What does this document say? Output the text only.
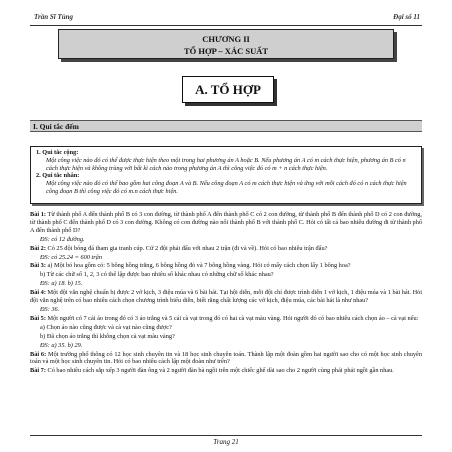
Trần Sĩ Tùng	Đại số 11
CHƯƠNG II
TỔ HỢP – XÁC SUẤT
A. TỔ HỢP
I. Qui tắc đếm
1. Qui tắc cộng:
Một công việc nào đó có thể được thực hiện theo một trong hai phương án A hoặc B. Nếu phương án A có m cách thực hiện, phương án B có n cách thực hiện và không trùng với bất kì cách nào trong phương án A thì công việc đó có m + n cách thực hiện.
2. Qui tắc nhân:
Một công việc nào đó có thể bao gồm hai công đoạn A và B. Nếu công đoạn A có m cách thực hiện và ứng với mỗi cách đó có n cách thực hiện công đoạn B thì công việc đó có m.n cách thực hiện.

Bài 1: Từ thành phố A đến thành phố B có 3 con đường, từ thành phố A đến thành phố C có 2 con đường, từ thành phố B đến thành phố D có 2 con đường, từ thành phố C đến thành phố D có 3 con đường. Không có con đường nào nối thành phố B với thành phố C. Hỏi có tất cả bao nhiêu đường đi từ thành phố A đến thành phố D?

ĐS: có 12 đường.

Bài 2: Có 25 đội bóng đá tham gia tranh cúp. Cứ 2 đội phải đấu với nhau 2 trận (đi và về). Hỏi có bao nhiêu trận đấu?

ĐS: có 25.24 = 600 trận

Bài 3: a) Một bó hoa gồm có: 5 bông hồng trắng, 6 bông hồng đỏ và 7 bông hồng vàng. Hỏi có mấy cách chọn lấy 1 bông hoa?

b) Từ các chữ số 1, 2, 3 có thể lập được bao nhiêu số khác nhau có những chữ số khác nhau?

ĐS: a) 18. b) 15.

Bài 4: Một đội văn nghệ chuẩn bị được 2 vở kịch, 3 điệu múa và 6 bài hát. Tại hội diễn, mỗi đội chỉ được trình diễn 1 vở kịch, 1 điệu múa và 1 bài hát. Hỏi đội văn nghệ trên có bao nhiêu cách chọn chương trình biểu diễn, biết rằng chất lượng các vở kịch, điệu múa, các bài hát là như nhau?

ĐS: 36.

Bài 5: Một người có 7 cái áo trong đó có 3 áo trắng và 5 cái cà vạt trong đó có hai cà vạt màu vàng. Hỏi người đó có bao nhiêu cách chọn áo – cà vạt nếu:

a) Chọn áo nào cũng được và cà vạt nào cũng được?

b) Đã chọn áo trắng thì không chọn cà vạt màu vàng?

ĐS: a) 35. b) 29.

Bài 6: Một trường phổ thông có 12 học sinh chuyên tin và 18 học sinh chuyên toán. Thành lập một đoàn gồm hai người sao cho có một học sinh chuyên toán và một học sinh chuyên tin. Hỏi có bao nhiêu cách lập một đoàn như trên?

Bài 7: Có bao nhiêu cách sắp xếp 3 người đàn ông và 2 người đàn bà ngồi trên một chiếc ghế dài sao cho 2 người cùng phái phải ngồi gần nhau.

Trang 21
